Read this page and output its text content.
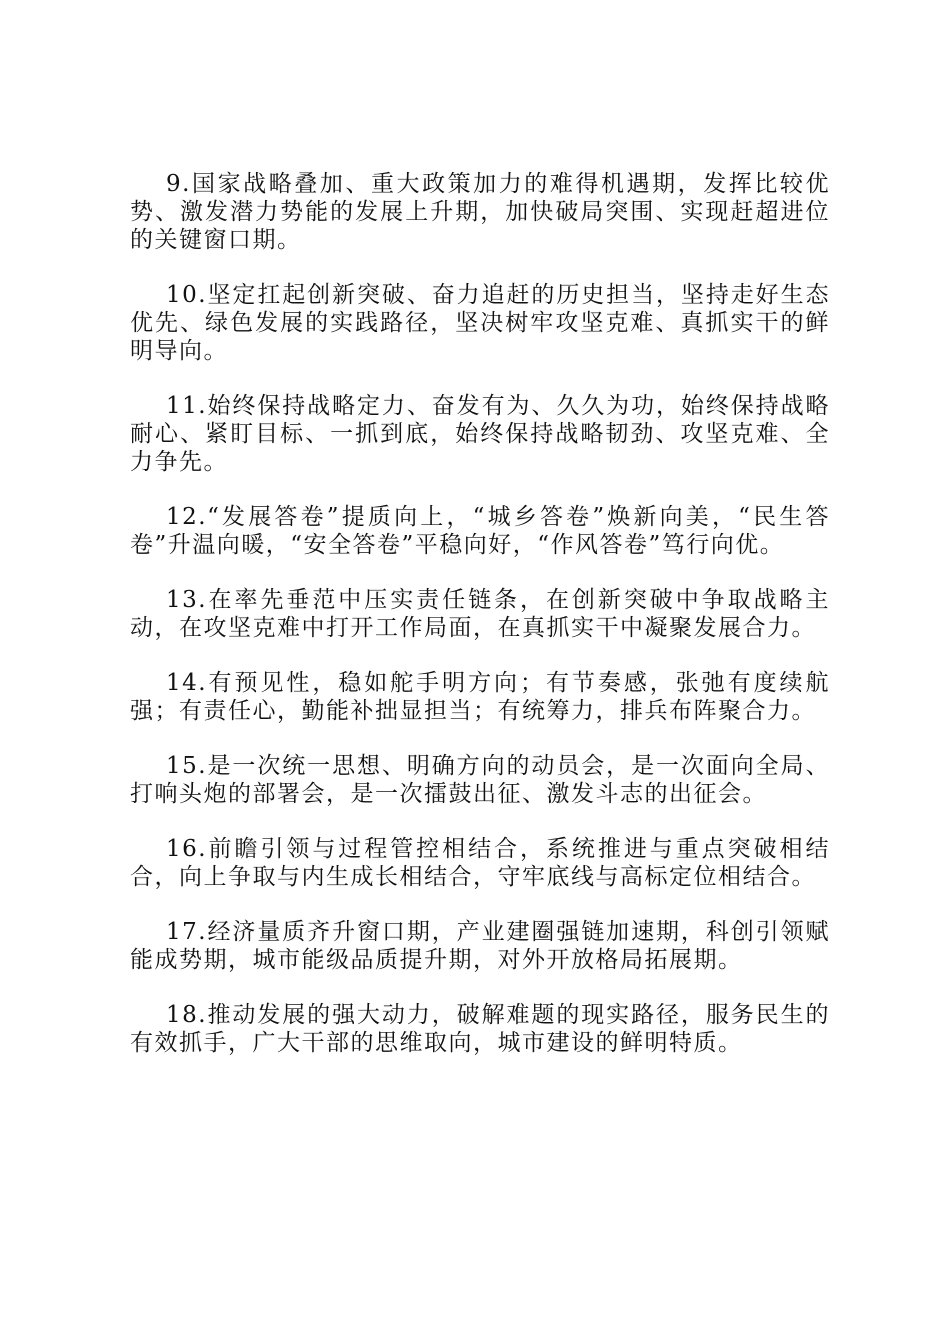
9.国家战略叠加、重大政策加力的难得机遇期，发挥比较优势、激发潜力势能的发展上升期，加快破局突围、实现赶超进位的关键窗口期。

10.坚定扛起创新突破、奋力追赶的历史担当，坚持走好生态优先、绿色发展的实践路径，坚决树牢攻坚克难、真抓实干的鲜明导向。

11.始终保持战略定力、奋发有为、久久为功，始终保持战略耐心、紧盯目标、一抓到底，始终保持战略韧劲、攻坚克难、全力争先。

12.“发展答卷”提质向上，“城乡答卷”焕新向美，“民生答卷”升温向暖，“安全答卷”平稳向好，“作风答卷”笃行向优。

13.在率先垂范中压实责任链条，在创新突破中争取战略主动，在攻坚克难中打开工作局面，在真抓实干中凝聚发展合力。

14.有预见性，稳如舵手明方向；有节奏感，张弛有度续航强；有责任心，勤能补拙显担当；有统筹力，排兵布阵聚合力。

15.是一次统一思想、明确方向的动员会，是一次面向全局、打响头炮的部署会，是一次擂鼓出征、激发斗志的出征会。

16.前瞻引领与过程管控相结合，系统推进与重点突破相结合，向上争取与内生成长相结合，守牢底线与高标定位相结合。

17.经济量质齐升窗口期，产业建圈强链加速期，科创引领赋能成势期，城市能级品质提升期，对外开放格局拓展期。

18.推动发展的强大动力，破解难题的现实路径，服务民生的有效抓手，广大干部的思维取向，城市建设的鲜明特质。
